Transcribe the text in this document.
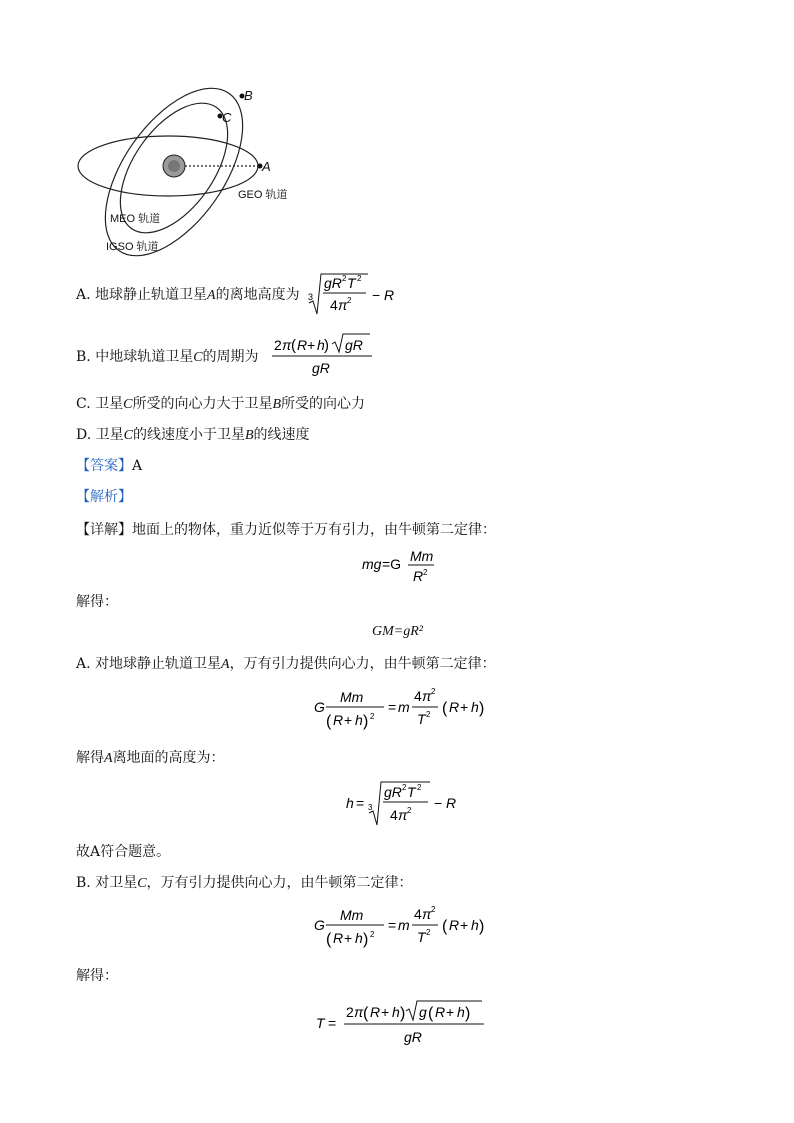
B
C
A
GEO 轨道
MEO 轨道
IGSO 轨道
A. 地球静止轨道卫星A的离地高度为 3
gR 2 T 2
4 π 2 − R
B. 中地球轨道卫星C的周期为
2 π ( R + h ) gR
gR
C. 卫星C所受的向心力大于卫星B所受的向心力
D. 卫星C的线速度小于卫星B的线速度
【答案】A
【解析】
【详解】地面上的物体，重力近似等于万有引力，由牛顿第二定律：
mg =G Mm
R 2
解得：
GM=gR²
A. 对地球静止轨道卫星A，万有引力提供向心力，由牛顿第二定律：
G
Mm
( R + h ) 2
= m
4 π 2
T 2 ( R + h )
解得A离地面的高度为：
h = 3
gR 2 T 2
4 π 2 − R
故A符合题意。
B. 对卫星C，万有引力提供向心力，由牛顿第二定律：
G
Mm
( R + h ) 2
= m
4 π 2
T 2 ( R + h )
解得：
T =
2 π ( R + h ) g ( R + h )
gR
